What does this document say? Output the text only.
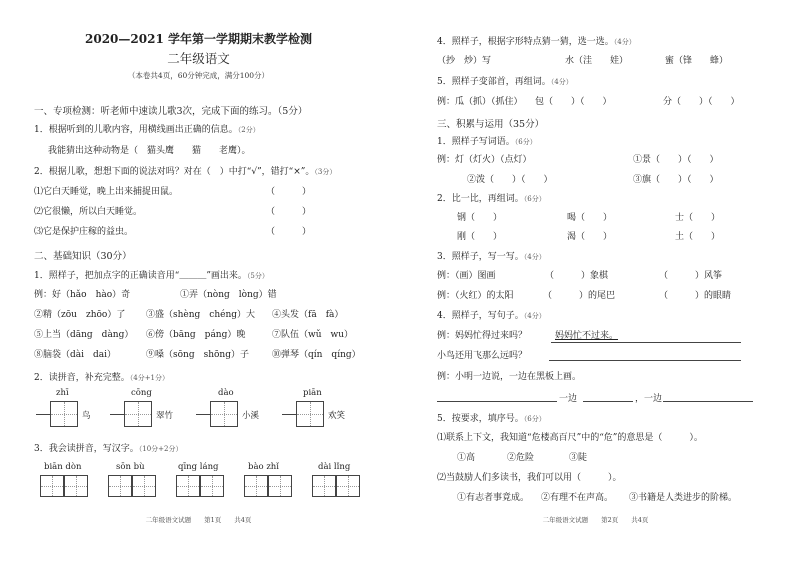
2020—2021 学年第一学期期末教学检测
二年级语文
（本卷共4页，60分钟完成，满分100分）
一、专项检测：听老师中速读儿歌3次，完成下面的练习。（5分）
1．根据听到的儿歌内容，用横线画出正确的信息。（2分）
我能猜出这种动物是（　猫头鹰　　猫　　老鹰）。
2．根据儿歌，想想下面的说法对吗？对在（　）中打“√”，错打“×”。（3分）
⑴它白天睡觉，晚上出来捕捉田鼠。	（　　　）
⑵它很懒，所以白天睡觉。	（　　　）
⑶它是保护庄稼的益虫。	（　　　）
二、基础知识（30分）
1．照样子，把加点字的正确读音用“＿＿＿”画出来。（5分）
例：好（hǎo　hào）奇	①弄（nòng　lòng）错
②精（zōu　zhōo）了 ③盛（shèng　chéng）大 ④头发（fā　fà）
⑤上当（dāng　dàng） ⑥傍（bāng　páng）晚	⑦队伍（wǔ　wu）
⑧脑袋（dài　dai）	⑨嗓（sōng　shōng）子	⑩弹琴（qín　qíng）
2．读拼音，补充完整。（4分+1分）
zhī
鸟
cōng
翠竹
dào
小溪
piān
欢笑
3．我会读拼音，写汉字。（10分+2分）
biān dòn	sōn bù	qīng láng	bào zhǐ	dài lǐng
二年级语文试题　　第1页　　共4页
4．照样子，根据字形特点猜一猜，选一选。（4分）
（抄　炒）写	水（洼　　娃）	蜜（锋　　蜂）
5．照样子变部首，再组词。（4分）
例：瓜（抓）（抓住） 包（　　）（　　）	分（　　）（　　）
三、积累与运用（35分）
1．照样子写词语。（6分）
例：灯（灯火）（点灯）	①景（　　）（　　）
②泼（　　）（　　）	③旗（　　）（　　）
2．比一比，再组词。（6分）
钢（　　）	喝（　　）	士（　　）
刚（　　）	渴（　　）	土（　　）
3．照样子，写一写。（4分）
例：（画）图画	（　　　）象棋	（　　　）风筝
例：（火红）的太阳	（　　　）的尾巴	（　　　）的眼睛
4．照样子，写句子。（4分）
例：妈妈忙得过来吗？	妈妈忙不过来。
小鸟还用飞那么远吗？
例：小明一边说，一边在黑板上画。
一边	，一边
5．按要求，填序号。（6分）
⑴联系上下文，我知道“危楼高百尺”中的“危”的意思是（　　　）。
①高	②危险	③陡
⑵当鼓励人们多读书，我们可以用（　　　）。
①有志者事竟成。 ②有理不在声高。 ③书籍是人类进步的阶梯。
二年级语文试题　　第2页　　共4页
